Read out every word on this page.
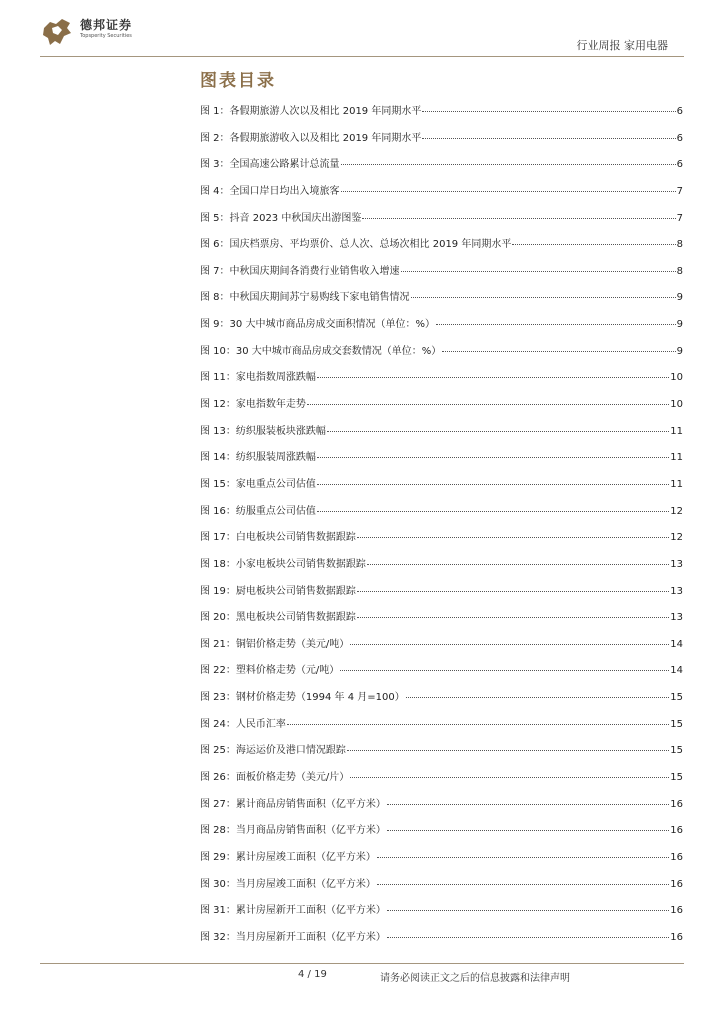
德邦证券
Topsperity Securities
行业周报 家用电器
图表目录
图 1：各假期旅游人次以及相比 2019 年同期水平	6
图 2：各假期旅游收入以及相比 2019 年同期水平	6
图 3：全国高速公路累计总流量	6
图 4：全国口岸日均出入境旅客	7
图 5：抖音 2023 中秋国庆出游图鉴	7
图 6：国庆档票房、平均票价、总人次、总场次相比 2019 年同期水平	8
图 7：中秋国庆期间各消费行业销售收入增速	8
图 8：中秋国庆期间苏宁易购线下家电销售情况	9
图 9：30 大中城市商品房成交面积情况（单位：%）	9
图 10：30 大中城市商品房成交套数情况（单位：%）	9
图 11：家电指数周涨跌幅	10
图 12：家电指数年走势	10
图 13：纺织服装板块涨跌幅	11
图 14：纺织服装周涨跌幅	11
图 15：家电重点公司估值	11
图 16：纺服重点公司估值	12
图 17：白电板块公司销售数据跟踪	12
图 18：小家电板块公司销售数据跟踪	13
图 19：厨电板块公司销售数据跟踪	13
图 20：黑电板块公司销售数据跟踪	13
图 21：铜铝价格走势（美元/吨）	14
图 22：塑料价格走势（元/吨）	14
图 23：钢材价格走势（1994 年 4 月=100）	15
图 24：人民币汇率	15
图 25：海运运价及港口情况跟踪	15
图 26：面板价格走势（美元/片）	15
图 27：累计商品房销售面积（亿平方米）	16
图 28：当月商品房销售面积（亿平方米）	16
图 29：累计房屋竣工面积（亿平方米）	16
图 30：当月房屋竣工面积（亿平方米）	16
图 31：累计房屋新开工面积（亿平方米）	16
图 32：当月房屋新开工面积（亿平方米）	16
4 / 19	请务必阅读正文之后的信息披露和法律声明
